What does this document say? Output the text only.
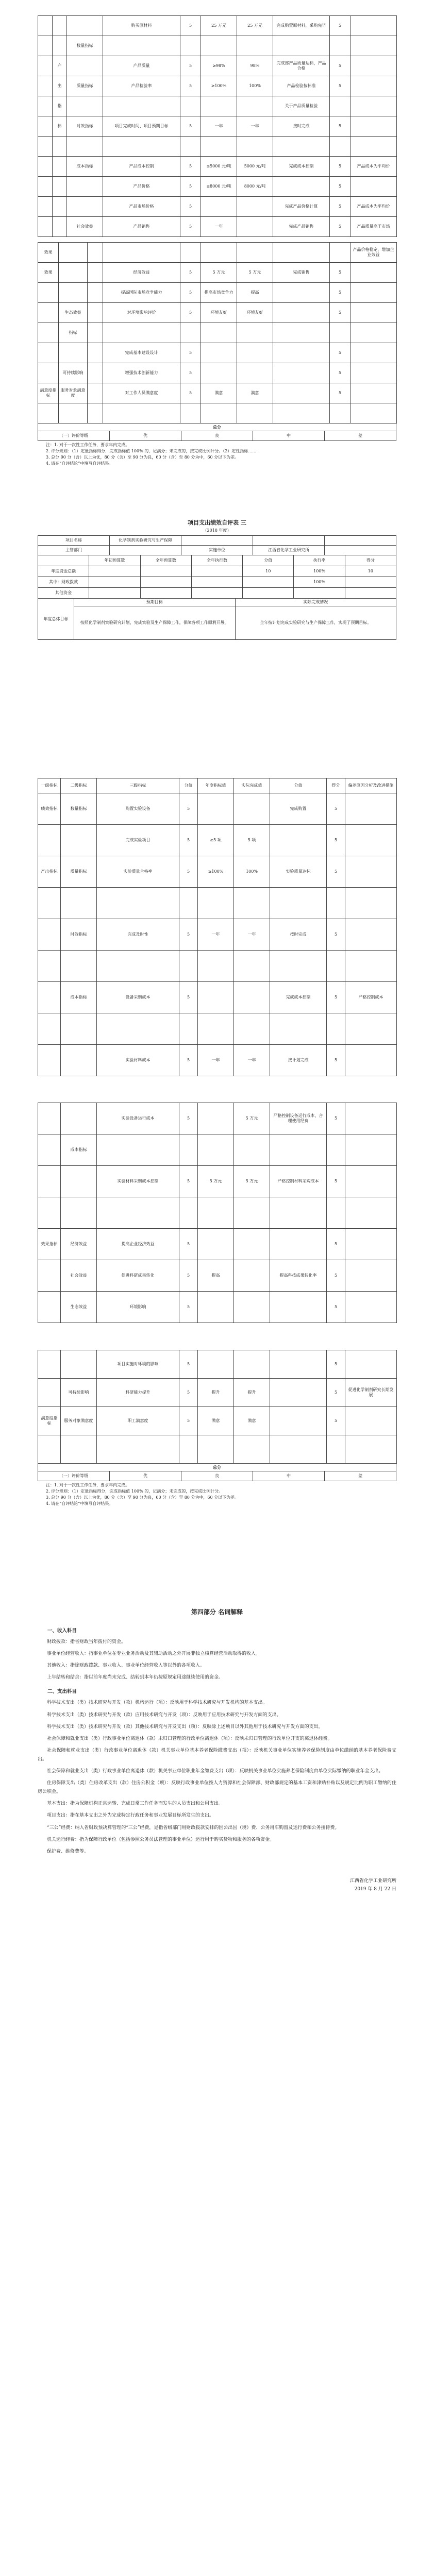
			购买原材料	5	25 万元	25 万元	完成购置原材料，采购完毕	5	
		数量指标							
	产		产品质量	5	≥98%	98%	完成部产品质量达标，产品合格	5	
	出	质量指标	产品检验率	5	≥100%	100%	产品检验按标准	5	
	指						关于产品质量检验		
	标	时效指标	项目完成时间、项目预期目标	5	一年	一年	按时完成	5	

		成本指标	产品成本控制	5	≤5000 元/吨	5000 元/吨	完成成本控制	5	产品成本为平均价
			产品价格	5	≤8000 元/吨	8000 元/吨		5	
			产品市场价格	5			完成产品价格计算	5	产品成本为平均价
		社会效益	产品销售	5	一年		完成产品销售	5	产品质量高于市场
效果									产品价格稳定，增加企业效益
效果			经济效益	5	5 万元	5 万元	完成销售	5	
			提高国际市场竞争能力	5	提高市场竞争力	提高		5	
	生态效益		对环境影响评价	5	环境友好	环境友好		5	
	指标								
			完成基本建设设计	5				5	
	可持续影响		增强技术创新能力	5				5	
满意度指标	服务对象满意度		对工作人员满意度	5	满意	满意		5	

总分
（一）评价等级	优	良	中	差

注：1. 对于一次性工作任务，要求年内完成。

2. 评分规则：（1）定量指标得分，完成指标值 100% 的，记满分；未完成的，按完成比例计分。（2）定性指标……

3. 总分 90 分（含）以上为优，80 分（含）至 90 分为良，60 分（含）至 80 分为中，60 分以下为差。

4. 请在“自评结论”中填写自评结果。

项目支出绩效自评表 三
（2018 年度）
项目名称	化学制剂实验研究与生产保障			
主管部门		实施单位	江西省化学工业研究所	
	年初预算数	全年预算数	全年执行数	分值	执行率	得分
年度资金总额				10	100%	10
其中：财政拨款					100%	
其他资金						
年度总体目标	预期目标	实际完成情况
	按照化学制剂实验研究计划，完成实验及生产保障工作，保障各项工作顺利开展。	全年按计划完成实验研究与生产保障工作，实现了预期目标。
一级指标	二级指标	三级指标	分值	年度指标值	实际完成值	分值	得分	偏差原因分析及改进措施
绩效指标	数量指标	购置实验设备	5			完成购置	5	
		完成实验项目	5	≥5 项	5 项		5	
产出指标	质量指标	实验质量合格率	5	≥100%	100%	实验质量达标	5	

	时效指标	完成及时性	5	一年	一年	按时完成	5	

	成本指标	设备采购成本	5			完成成本控制	5	严格控制成本

		实验材料成本	5	一年	一年	按计划完成	5	
		实验设备运行成本	5		5 万元	严格控制设备运行成本，合理使用经费	5	
	成本指标							
		实验材料采购成本控制	5	5 万元	5 万元	严格控制材料采购成本	5	

效果指标	经济效益	提高企业经济效益	5				5	
	社会效益	促进科研成果转化	5	提高		提高科技成果转化率	5	
	生态效益	环境影响	5				5	
		项目实施对环境的影响	5				5	
	可持续影响	科研能力提升	5	提升	提升		5	促进化学制剂研究长期发展
满意度指标	服务对象满意度	职工满意度	5	满意	满意		5	

总分
（一）评价等级	优	良	中	差

注：1. 对于一次性工作任务，要求年内完成。

2. 评分规则：（1）定量指标得分，完成指标值 100% 的，记满分；未完成的，按完成比例计分。

3. 总分 90 分（含）以上为优，80 分（含）至 90 分为良，60 分（含）至 80 分为中，60 分以下为差。

4. 请在“自评结论”中填写自评结果。

第四部分 名词解释
一、收入科目

财政拨款：指省财政当年拨付的资金。

事业单位经营收入：指事业单位在专业业务活动及其辅助活动之外开展非独立核算经营活动取得的收入。

其他收入：指除财政拨款、事业收入、事业单位经营收入等以外的各项收入。

上年结转和结余：指以前年度尚未完成、结转到本年仍按原规定用途继续使用的资金。

二、支出科目

科学技术支出（类）技术研究与开发（款）机构运行（项）：反映用于科学技术研究与开发机构的基本支出。

科学技术支出（类）技术研究与开发（款）应用技术研究与开发（项）：反映用于应用技术研究与开发方面的支出。

科学技术支出（类）技术研究与开发（款）其他技术研究与开发支出（项）：反映除上述项目以外其他用于技术研究与开发方面的支出。

社会保障和就业支出（类）行政事业单位离退休（款）未归口管理的行政单位离退休（项）：反映未归口管理的行政单位开支的离退休经费。

社会保障和就业支出（类）行政事业单位离退休（款）机关事业单位基本养老保险缴费支出（项）：反映机关事业单位实施养老保险制度由单位缴纳的基本养老保险费支出。

社会保障和就业支出（类）行政事业单位离退休（款）机关事业单位职业年金缴费支出（项）：反映机关事业单位实施养老保险制度由单位实际缴纳的职业年金支出。

住房保障支出（类）住房改革支出（款）住房公积金（项）：反映行政事业单位按人力资源和社会保障部、财政部规定的基本工资和津贴补贴以及规定比例为职工缴纳的住房公积金。

基本支出：指为保障机构正常运转、完成日常工作任务而发生的人员支出和公用支出。

项目支出：指在基本支出之外为完成特定行政任务和事业发展目标所发生的支出。

“三公”经费：纳入省财政预决算管理的“三公”经费，是指省级部门用财政拨款安排的因公出国（境）费、公务用车购置及运行费和公务接待费。

机关运行经费：指为保障行政单位（包括参照公务员法管理的事业单位）运行用于购买货物和服务的各项资金。

保护费、维修费等。

江西省化学工业研究所
2019 年 8 月 22 日
